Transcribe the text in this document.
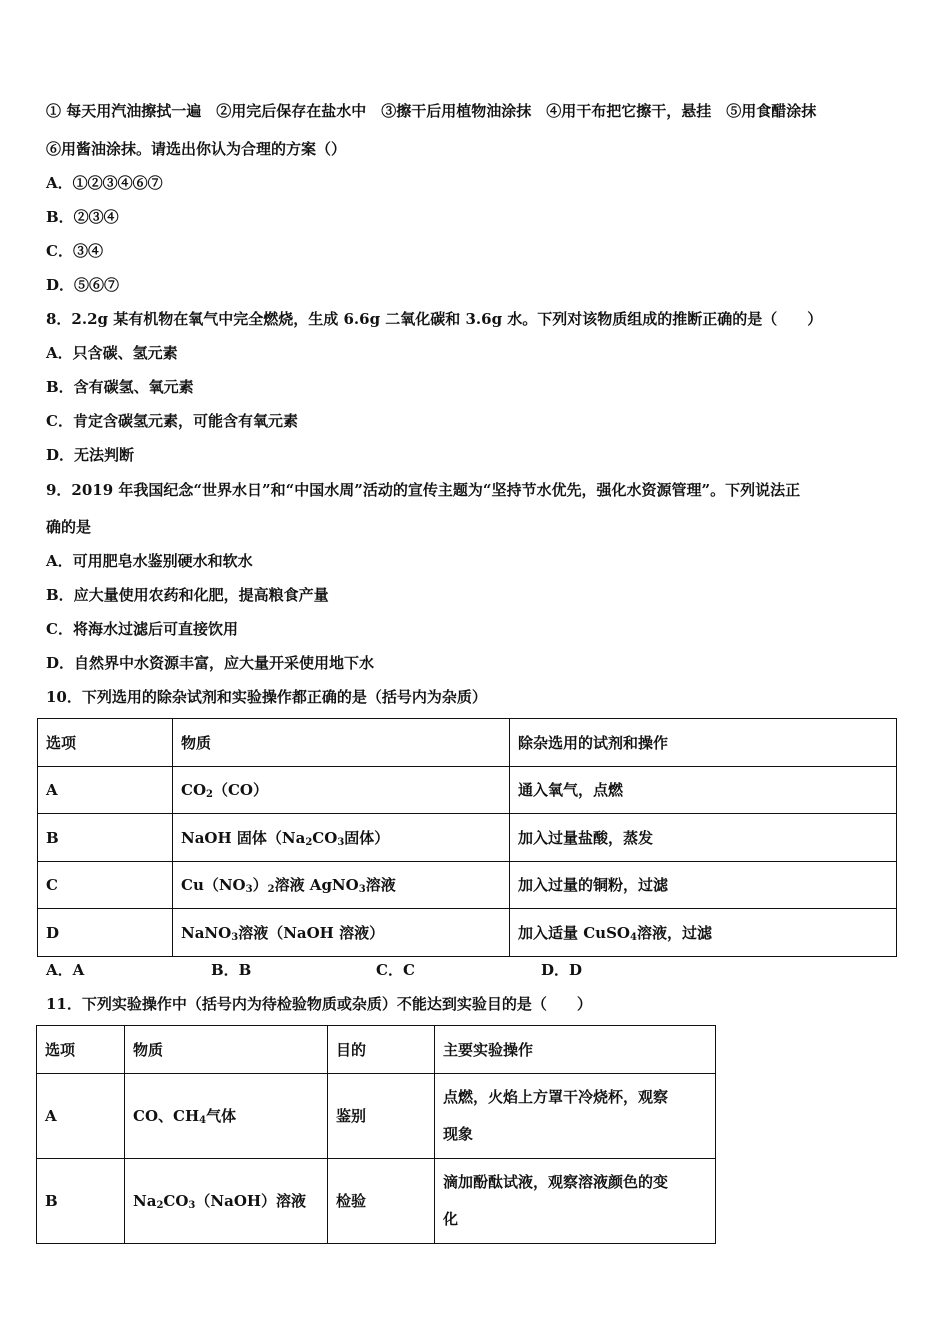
① 每天用汽油擦拭一遍　②用完后保存在盐水中　③擦干后用植物油涂抹　④用干布把它擦干，悬挂　⑤用食醋涂抹
⑥用酱油涂抹。请选出你认为合理的方案（）
A．①②③④⑥⑦
B．②③④
C．③④
D．⑤⑥⑦
8．2.2g 某有机物在氧气中完全燃烧，生成 6.6g 二氧化碳和 3.6g 水。下列对该物质组成的推断正确的是（　　）
A．只含碳、氢元素
B．含有碳氢、氧元素
C．肯定含碳氢元素，可能含有氧元素
D．无法判断
9．2019 年我国纪念“世界水日”和“中国水周”活动的宣传主题为“坚持节水优先，强化水资源管理”。下列说法正
确的是
A．可用肥皂水鉴别硬水和软水
B．应大量使用农药和化肥，提高粮食产量
C．将海水过滤后可直接饮用
D．自然界中水资源丰富，应大量开采使用地下水
10．下列选用的除杂试剂和实验操作都正确的是（括号内为杂质）
选项	物质	除杂选用的试剂和操作
A	$CO_2(CO)$	通入氧气，点燃
B	NaOH 固体（$Na_2CO_3$固体）	加入过量盐酸，蒸发
C	$Cu(NO_3)_2$溶液 AgNO$_3$溶液	加入过量的铜粉，过滤
D	NaNO$_3$溶液（NaOH 溶液）	加入适量 CuSO$_4$溶液，过滤
A．A	B．B	C．C	D．D
11．下列实验操作中（括号内为待检验物质或杂质）不能达到实验目的是（　　）
选项	物质	目的	主要实验操作
A	CO、$CH_4$气体	鉴别	点燃，火焰上方罩干冷烧杯，观察
现象

B	$Na_2CO_3(NaOH)$溶液	检验	滴加酚酞试液，观察溶液颜色的变
化
